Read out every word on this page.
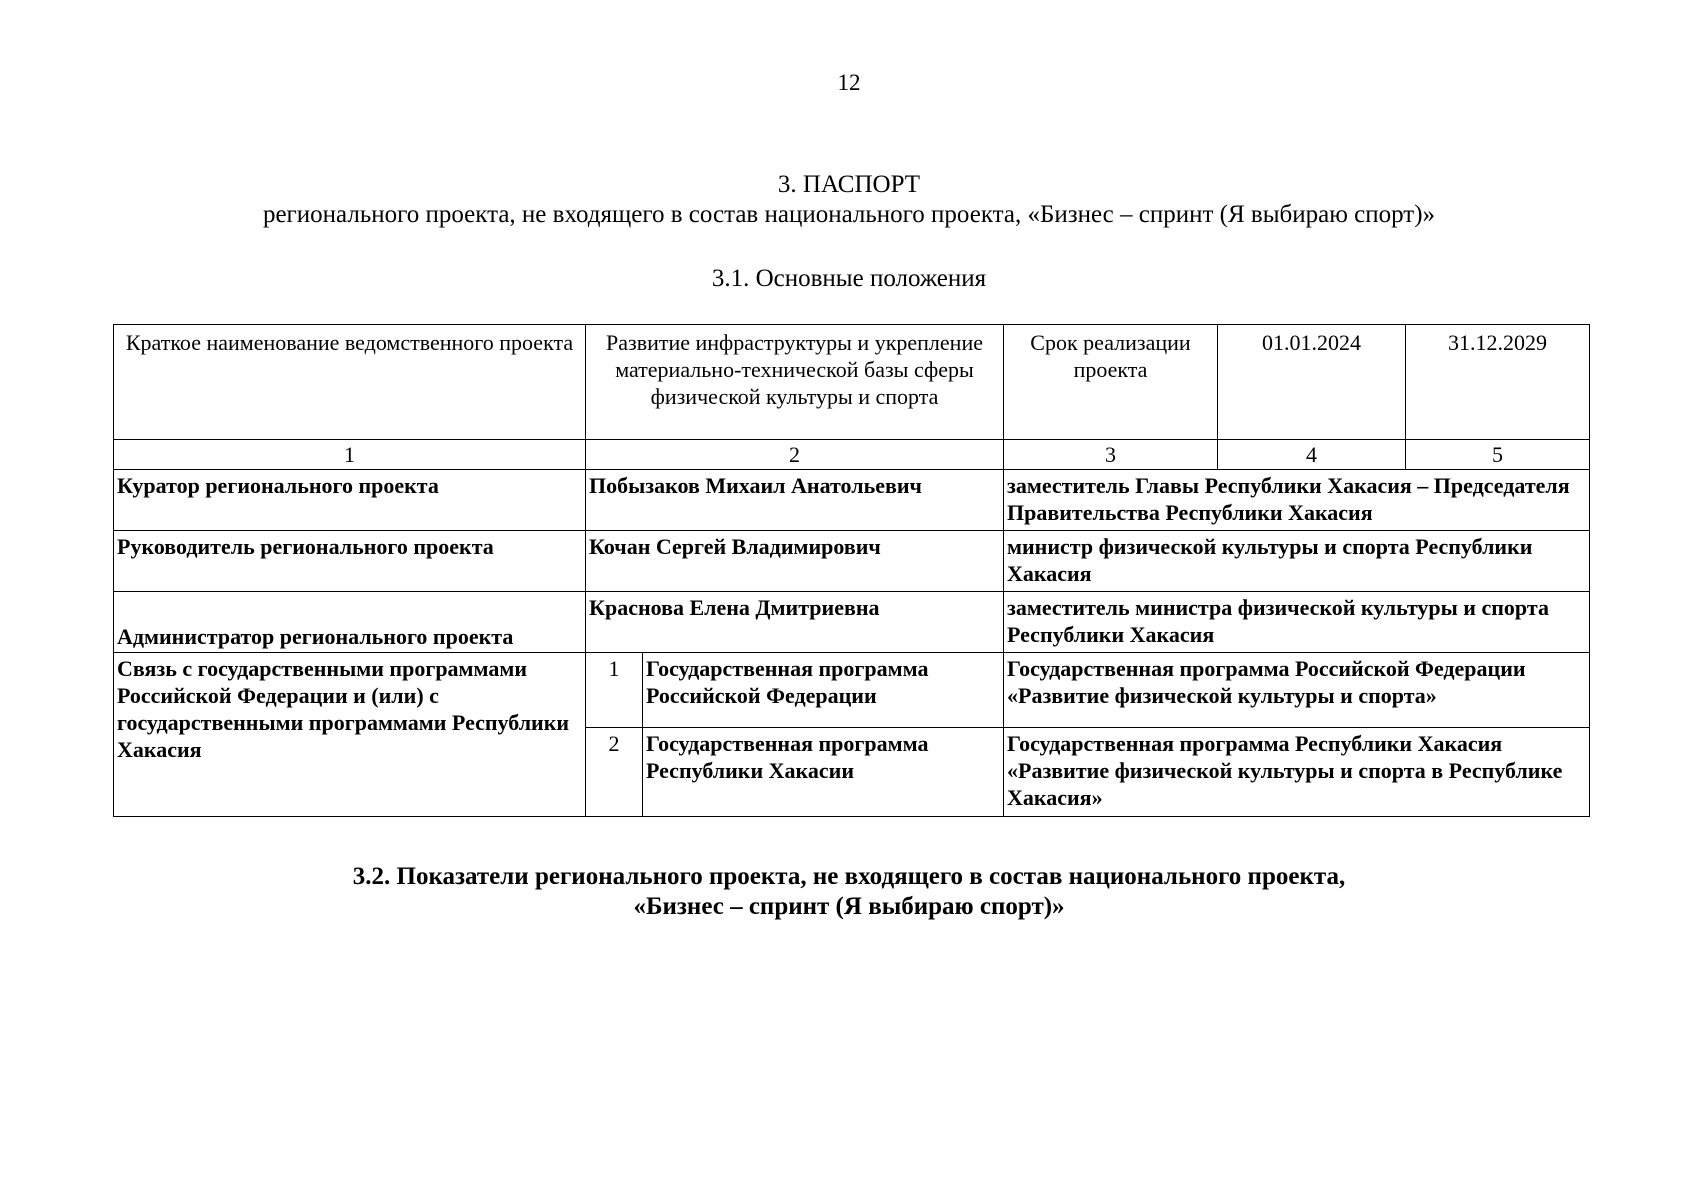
12
3. ПАСПОРТ
регионального проекта, не входящего в состав национального проекта, «Бизнес – спринт (Я выбираю спорт)»
3.1. Основные положения
Краткое наименование ведомственного проекта	Развитие инфраструктуры и укрепление материально-технической базы сферы физической культуры и спорта		Срок реализации проекта	01.01.2024	31.12.2029
1	2		3	4	5
Куратор регионального проекта	Побызаков Михаил Анатольевич		заместитель Главы Республики Хакасия – Председателя Правительства Республики Хакасия		
Руководитель регионального проекта	Кочан Сергей Владимирович		министр физической культуры и спорта Республики Хакасия		
Администратор регионального проекта	Краснова Елена Дмитриевна		заместитель министра физической культуры и спорта Республики Хакасия		
Связь с государственными программами Российской Федерации и (или) с государственными программами Республики Хакасия	1	Государственная программа Российской Федерации	Государственная программа Российской Федерации «Развитие физической культуры и спорта»		
	2	Государственная программа Республики Хакасии	Государственная программа Республики Хакасия «Развитие физической культуры и спорта в Республике Хакасия»		
3.2. Показатели регионального проекта, не входящего в состав национального проекта,
«Бизнес – спринт (Я выбираю спорт)»
